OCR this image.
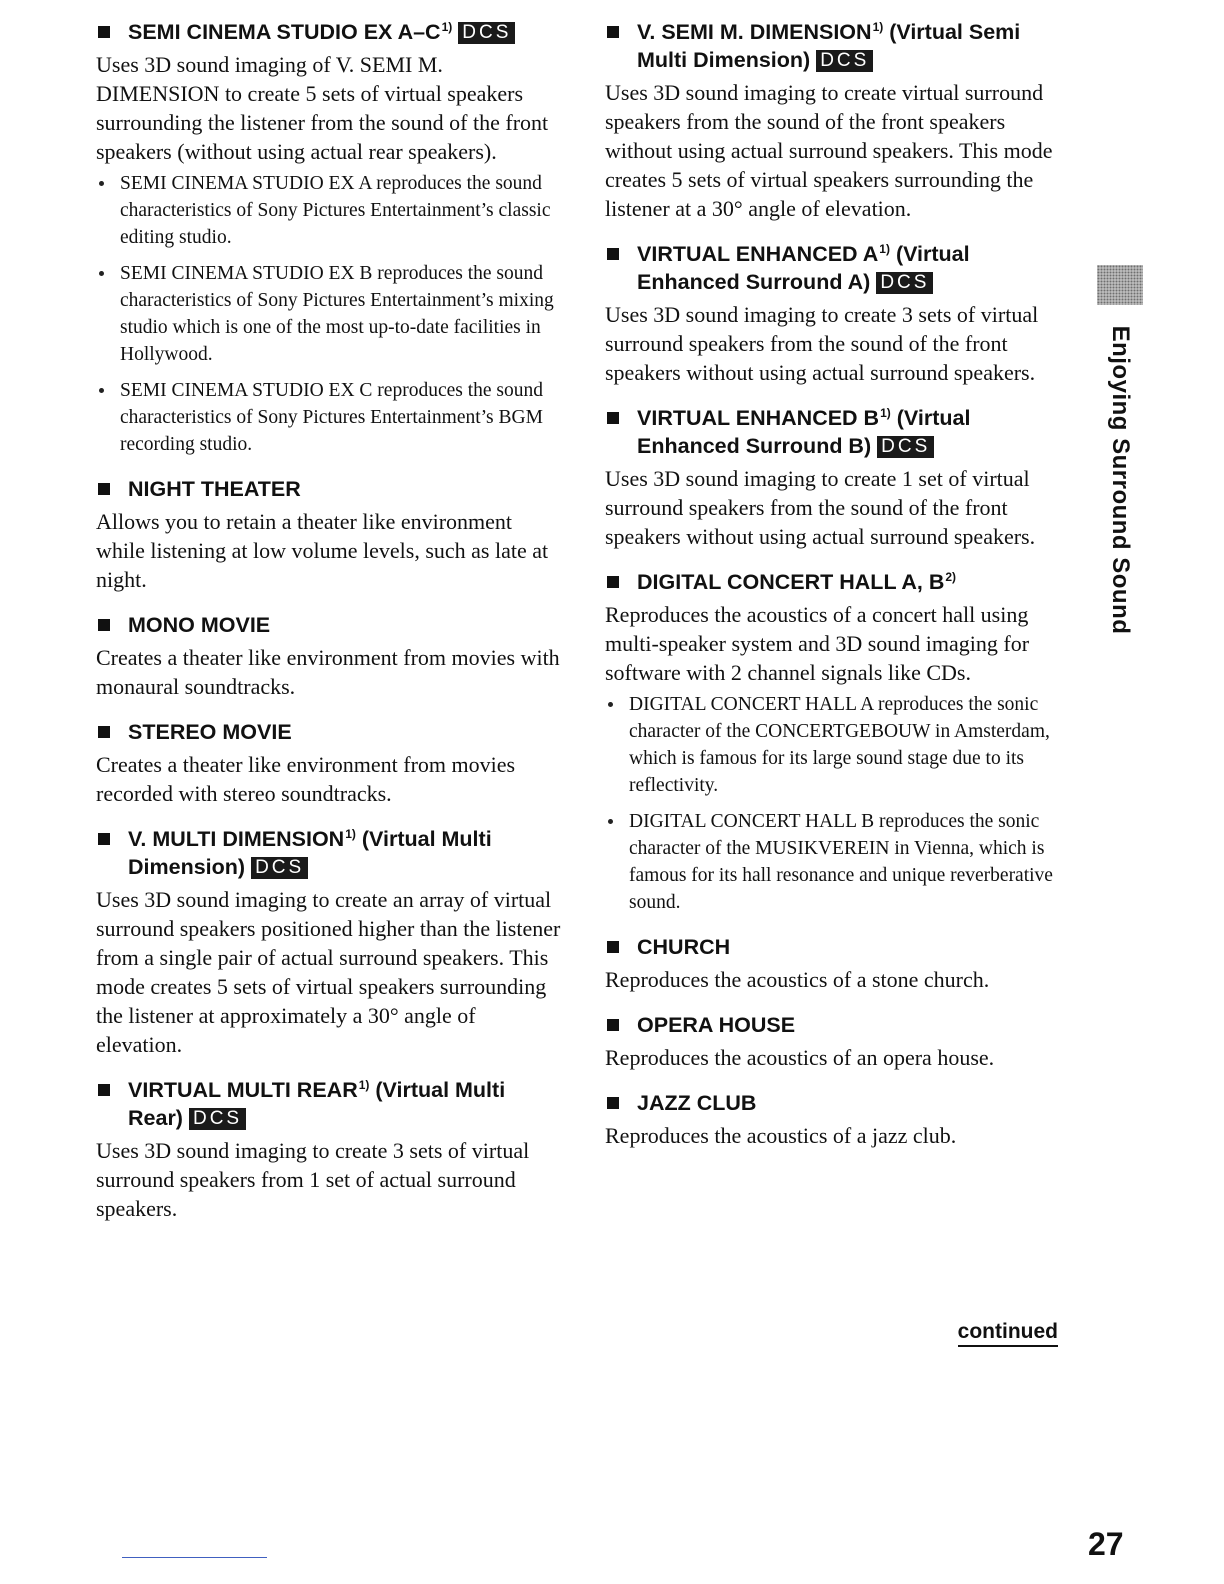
SEMI CINEMA STUDIO EX $A-C^{1)}$ DCS

Uses 3D sound imaging of V. SEMI M. DIMENSION to create 5 sets of virtual speakers surrounding the listener from the sound of the front speakers (without using actual rear speakers).

SEMI CINEMA STUDIO EX A reproduces the sound characteristics of Sony Pictures Entertainment’s classic editing studio.
SEMI CINEMA STUDIO EX B reproduces the sound characteristics of Sony Pictures Entertainment’s mixing studio which is one of the most up-to-date facilities in Hollywood.
SEMI CINEMA STUDIO EX C reproduces the sound characteristics of Sony Pictures Entertainment’s BGM recording studio.
NIGHT THEATER

Allows you to retain a theater like environment while listening at low volume levels, such as late at night.

MONO MOVIE

Creates a theater like environment from movies with monaural soundtracks.

STEREO MOVIE

Creates a theater like environment from movies recorded with stereo soundtracks.

V. MULTI DIMENSION$^{1)}$ (Virtual Multi Dimension) DCS

Uses 3D sound imaging to create an array of virtual surround speakers positioned higher than the listener from a single pair of actual surround speakers. This mode creates 5 sets of virtual speakers surrounding the listener at approximately a 30° angle of elevation.

VIRTUAL MULTI REAR$^{1)}$ (Virtual Multi Rear) DCS

Uses 3D sound imaging to create 3 sets of virtual surround speakers from 1 set of actual surround speakers.

V. SEMI M. DIMENSION$^{1)}$ (Virtual Semi Multi Dimension) DCS

Uses 3D sound imaging to create virtual surround speakers from the sound of the front speakers without using actual surround speakers. This mode creates 5 sets of virtual speakers surrounding the listener at a 30° angle of elevation.

VIRTUAL ENHANCED $A^{1)}$ (Virtual Enhanced Surround A) DCS

Uses 3D sound imaging to create 3 sets of virtual surround speakers from the sound of the front speakers without using actual surround speakers.

VIRTUAL ENHANCED $B^{1)}$ (Virtual Enhanced Surround B) DCS

Uses 3D sound imaging to create 1 set of virtual surround speakers from the sound of the front speakers without using actual surround speakers.

DIGITAL CONCERT HALL A, $B^{2)}$

Reproduces the acoustics of a concert hall using multi-speaker system and 3D sound imaging for software with 2 channel signals like CDs.

DIGITAL CONCERT HALL A reproduces the sonic character of the CONCERTGEBOUW in Amsterdam, which is famous for its large sound stage due to its reflectivity.
DIGITAL CONCERT HALL B reproduces the sonic character of the MUSIKVEREIN in Vienna, which is famous for its hall resonance and unique reverberative sound.
CHURCH

Reproduces the acoustics of a stone church.

OPERA HOUSE

Reproduces the acoustics of an opera house.

JAZZ CLUB

Reproduces the acoustics of a jazz club.

continued
Enjoying Surround Sound
27
